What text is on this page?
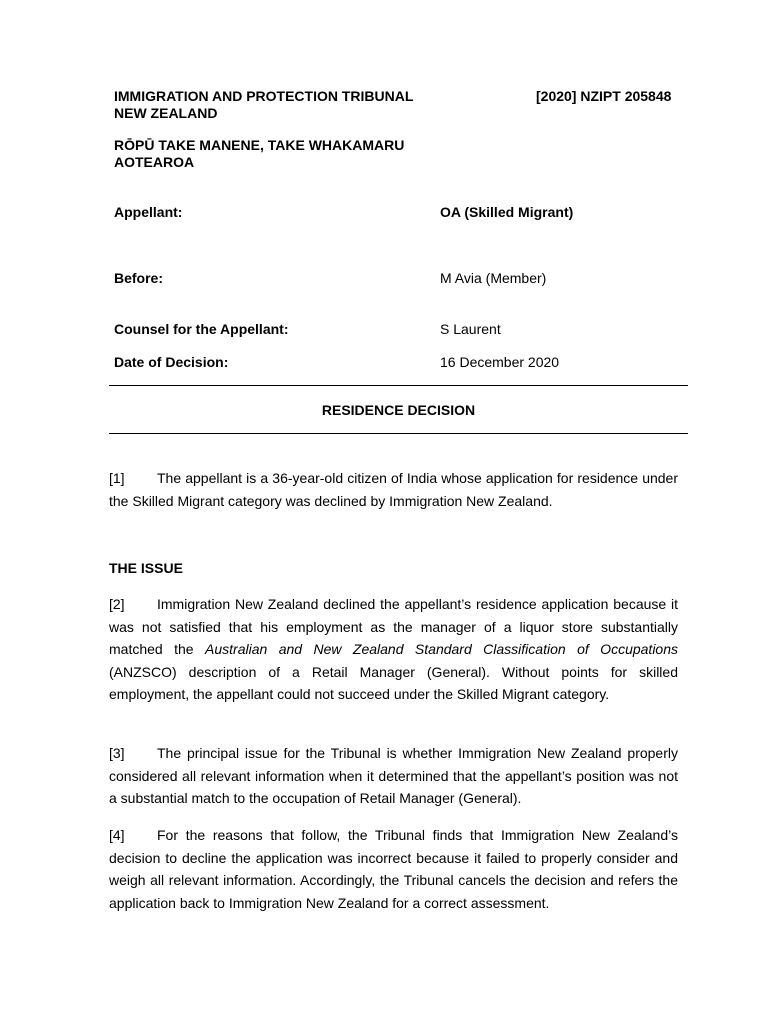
IMMIGRATION AND PROTECTION TRIBUNAL
NEW ZEALAND
[2020] NZIPT 205848
RŌPŪ TAKE MANENE, TAKE WHAKAMARU
AOTEAROA
Appellant:	OA (Skilled Migrant)
Before:	M Avia (Member)
Counsel for the Appellant:	S Laurent
Date of Decision:	16 December 2020
RESIDENCE DECISION
[1] The appellant is a 36-year-old citizen of India whose application for residence under the Skilled Migrant category was declined by Immigration New Zealand.
THE ISSUE
[2] Immigration New Zealand declined the appellant’s residence application because it was not satisfied that his employment as the manager of a liquor store substantially matched the Australian and New Zealand Standard Classification of Occupations (ANZSCO) description of a Retail Manager (General). Without points for skilled employment, the appellant could not succeed under the Skilled Migrant category.
[3] The principal issue for the Tribunal is whether Immigration New Zealand properly considered all relevant information when it determined that the appellant’s position was not a substantial match to the occupation of Retail Manager (General).
[4] For the reasons that follow, the Tribunal finds that Immigration New Zealand’s decision to decline the application was incorrect because it failed to properly consider and weigh all relevant information. Accordingly, the Tribunal cancels the decision and refers the application back to Immigration New Zealand for a correct assessment.
